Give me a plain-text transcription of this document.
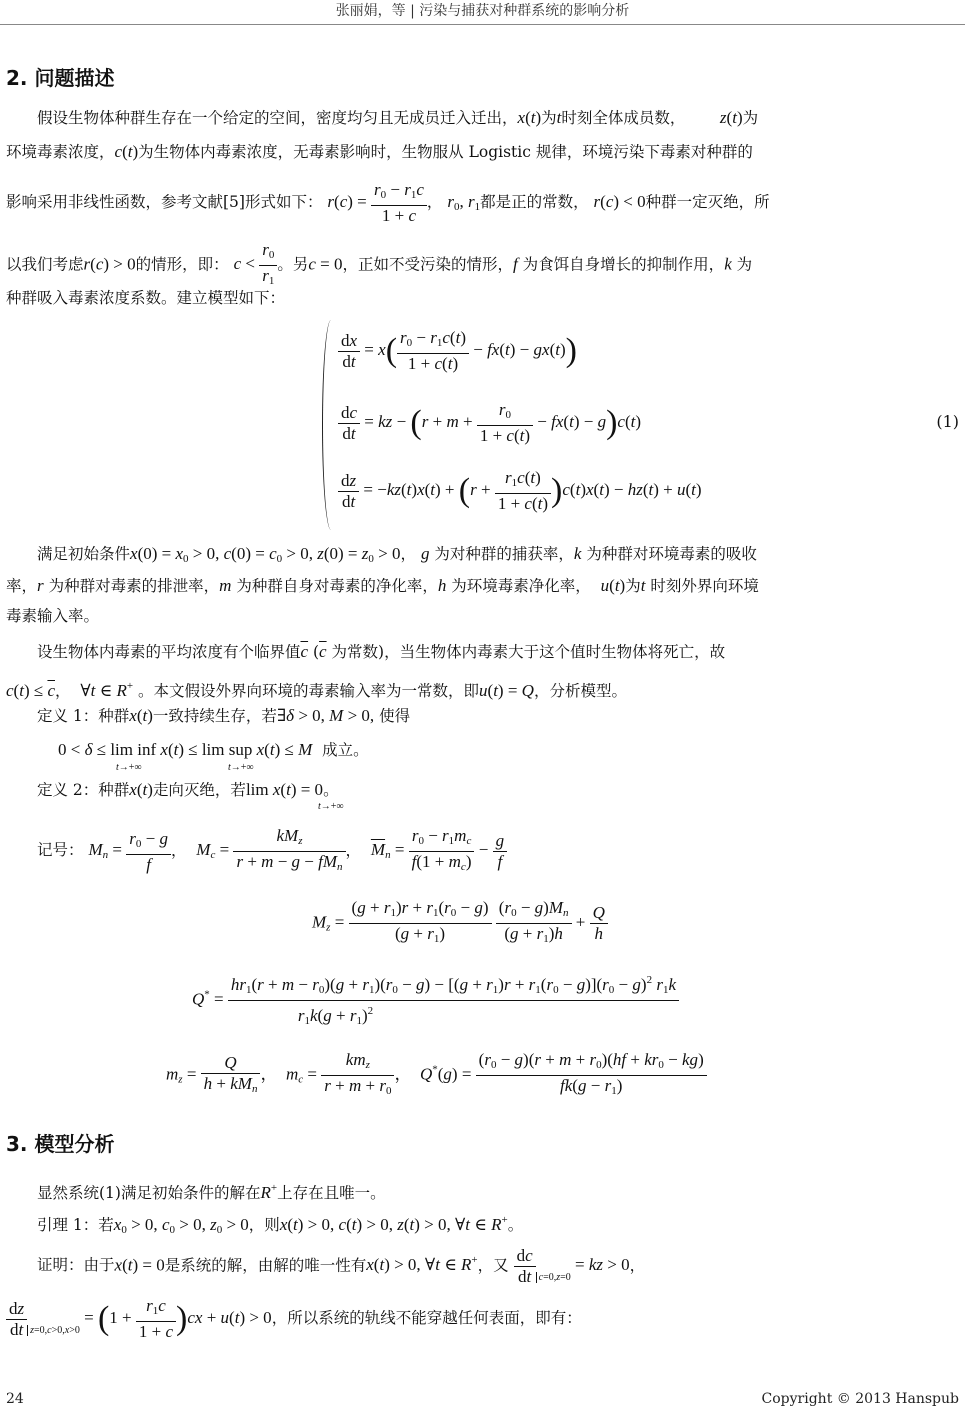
张丽娟，等 | 污染与捕获对种群系统的影响分析
2. 问题描述
假设生物体种群生存在一个给定的空间，密度均匀且无成员迁入迁出，x(t)为t时刻全体成员数， z(t)为
环境毒素浓度，c(t)为生物体内毒素浓度，无毒素影响时，生物服从 Logistic 规律，环境污染下毒素对种群的
影响采用非线性函数，参考文献[5]形式如下： $r(c) = \frac{r_0 - r_1c}{1 + c}$ ， $r_0$, $r_1$都是正的常数， r(c) < 0种群一定灭绝，所
以我们考虑r(c) > 0的情形，即： $c < \frac{r_0}{r_1}$ 。另c = 0，正如不受污染的情形，f 为食饵自身增长的抑制作用，k 为
种群吸入毒素浓度系数。建立模型如下：
$\frac{dx}{dt} = x( \frac{r_0 - r_1c(t)}{1 + c(t)} - fx(t) - gx(t))$
$\frac{dc}{dt}$ = kz − $(r + m + \frac{r_0}{1 + c(t)} - fx(t) - g)c(t)$
$\frac{dz}{dt} = -kz(t)x(t) + (r + \frac{r_1c(t)}{1 + c(t)} )c(t)x(t) - hz(t) + u(t)$
(1)
满足初始条件$x(0) = x_0 > 0$, $c(0) = c_0 > 0$, $z(0) = z_0 > 0$， g 为对种群的捕获率，k 为种群对环境毒素的吸收
率，r 为种群对毒素的排泄率，m 为种群自身对毒素的净化率，h 为环境毒素净化率， u(t)为t 时刻外界向环境
毒素输入率。
设生物体内毒素的平均浓度有个临界值$\overline{c}$ ($\overline{c}$ 为常数)，当生物体内毒素大于这个值时生物体将死亡，故
$c(t) \le \overline{c}$，  ∀t ∈ R+ 。本文假设外界向环境的毒素输入率为一常数，即u(t) = Q，分析模型。
定义 1：种群x(t)一致持续生存，若∃δ > 0, M > 0, 使得
0 < δ ≤ lim inf x(t) ≤ lim sup x(t) ≤ M 成立。
t→+∞	t→+∞
定义 2：种群x(t)走向灭绝，若lim x(t) = 0。
t→+∞
记号： $M_n = \frac{r_0 - g}{f}$ ，  $M_c = \frac{kM_z}{r + m - g - fM_n}$ ，  $\overline{M}_n = \frac{r_0 - r_1m_c}{f(1 + m_c)} - \frac{g}{f}$
$M_z = \frac{(g + r_1)r + r_1(r_0 - g)}{(g + r_1)}$
$\frac{(r_0 - g)M_n}{(g + r_1)h} + \frac{Q}{h}$
Q* =
$hr_1(r + m - r_0)(g + r_1)(r_0 - g) - [(g + r_1)r + r_1(r_0 - g)](r_0 - g)^2$ $r_1k$
$r_1k(g + r_1)^2$
$m_z = \frac{Q}{h + kM_n}$ ，  $m_c = \frac{km_z}{r + m + r_0}$ ，  $Q^*(g) = \frac{(r_0 - g)(r + m + r_0)(hf + kr_0 - kg)}{fk(g - r_1)}$
3. 模型分析
显然系统(1)满足初始条件的解在R+上存在且唯一。
引理 1：若$x_0 > 0$, $c_0 > 0$, $z_0 > 0$，则x(t) > 0, c(t) > 0, z(t) > 0, ∀t ∈ R+。
证明：由于x(t) = 0是系统的解，由解的唯一性有x(t) > 0, ∀t ∈ R+，又 $\frac{dc}{dt} _{c=0,z=0}$ = kz > 0，
$\frac{dz}{dt} _{z=0,c>0,x>0} = (1 + \frac{r_1c}{1 + c} )cx + u(t) > 0$，所以系统的轨线不能穿越任何表面，即有：
24	Copyright © 2013 Hanspub
